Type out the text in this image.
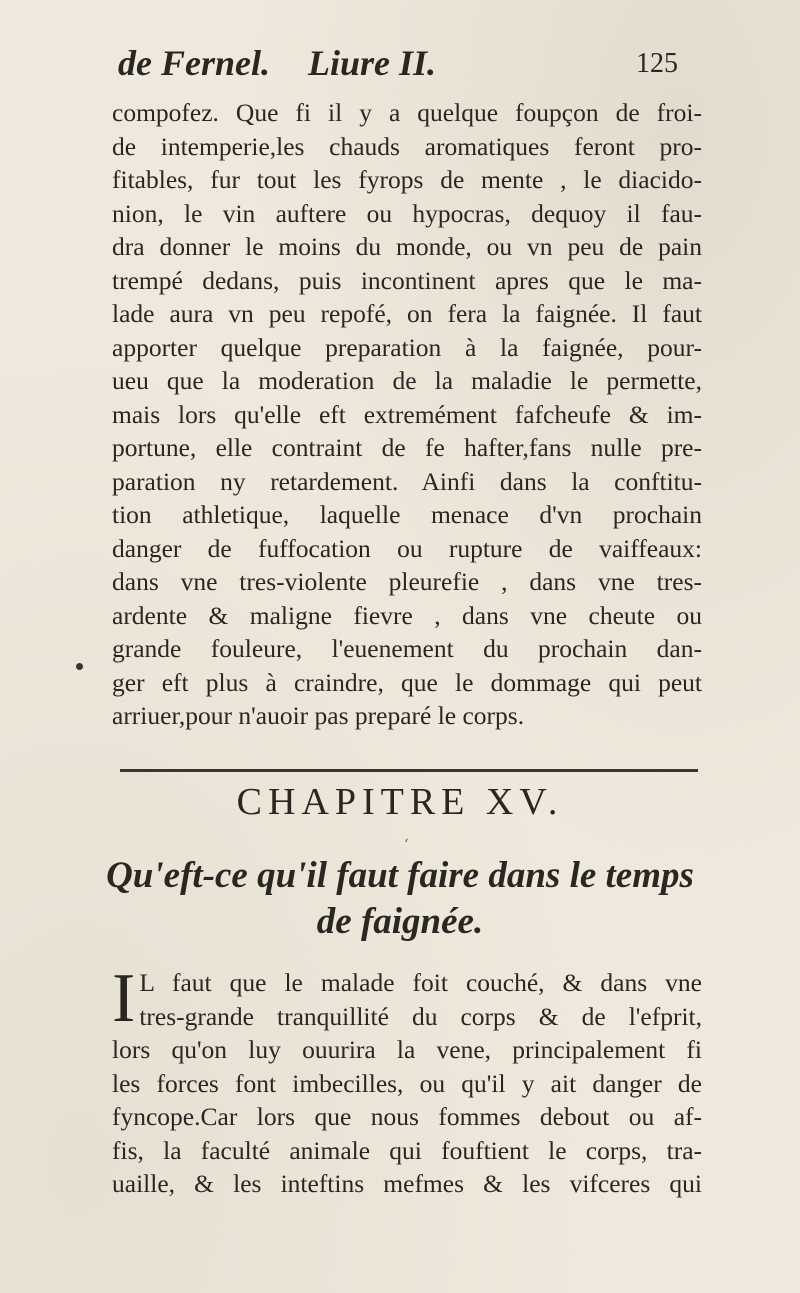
de Fernel. Liure II.	125
compofez. Que fi il y a quelque foupçon de froi-
de intemperie,les chauds aromatiques feront pro-
fitables, fur tout les fyrops de mente , le diacido-
nion, le vin auftere ou hypocras, dequoy il fau-
dra donner le moins du monde, ou vn peu de pain
trempé dedans, puis incontinent apres que le ma-
lade aura vn peu repofé, on fera la faignée. Il faut
apporter quelque preparation à la faignée, pour-
ueu que la moderation de la maladie le permette,
mais lors qu'elle eft extremément fafcheufe & im-
portune, elle contraint de fe hafter,fans nulle pre-
paration ny retardement. Ainfi dans la conftitu-
tion athletique, laquelle menace d'vn prochain
danger de fuffocation ou rupture de vaiffeaux:
dans vne tres-violente pleurefie , dans vne tres-
ardente & maligne fievre , dans vne cheute ou
grande fouleure, l'euenement du prochain dan-
ger eft plus à craindre, que le dommage qui peut
arriuer,pour n'auoir pas preparé le corps.
CHAPITRE XV.
‘
Qu'eft-ce qu'il faut faire dans le temps
de faignée.
I L faut que le malade foit couché, & dans vne
tres-grande tranquillité du corps & de l'efprit,
lors qu'on luy ouurira la vene, principalement fi
les forces font imbecilles, ou qu'il y ait danger de
fyncope.Car lors que nous fommes debout ou af-
fis, la faculté animale qui fouftient le corps, tra-
uaille, & les inteftins mefmes & les vifceres qui
